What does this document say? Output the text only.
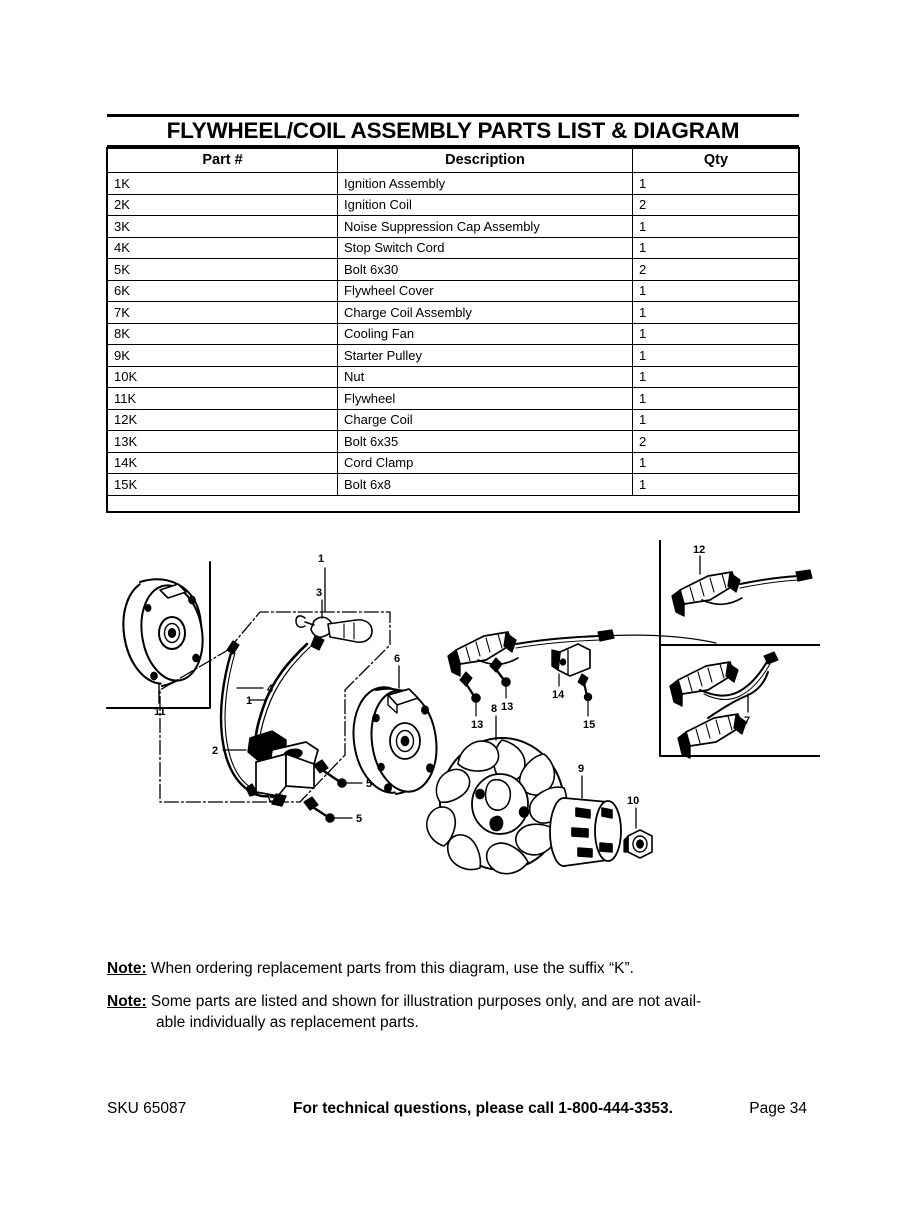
FLYWHEEL/COIL ASSEMBLY PARTS LIST & DIAGRAM
Part #	Description	Qty
1K	Ignition Assembly	1
2K	Ignition Coil	2
3K	Noise Suppression Cap Assembly	1
4K	Stop Switch Cord	1
5K	Bolt 6x30	2
6K	Flywheel Cover	1
7K	Charge Coil Assembly	1
8K	Cooling Fan	1
9K	Starter Pulley	1
10K	Nut	1
11K	Flywheel	1
12K	Charge Coil	1
13K	Bolt 6x35	2
14K	Cord Clamp	1
15K	Bolt 6x8	1
11
1
3
4
1
2
5
5
6
13
13
14
15
8
9
10
12
7
Note: When ordering replacement parts from this diagram, use the suffix “K”.
Note: Some parts are listed and shown for illustration purposes only, and are not avail-
able individually as replacement parts.
SKU 65087	For technical questions, please call 1-800-444-3353.	Page 34
